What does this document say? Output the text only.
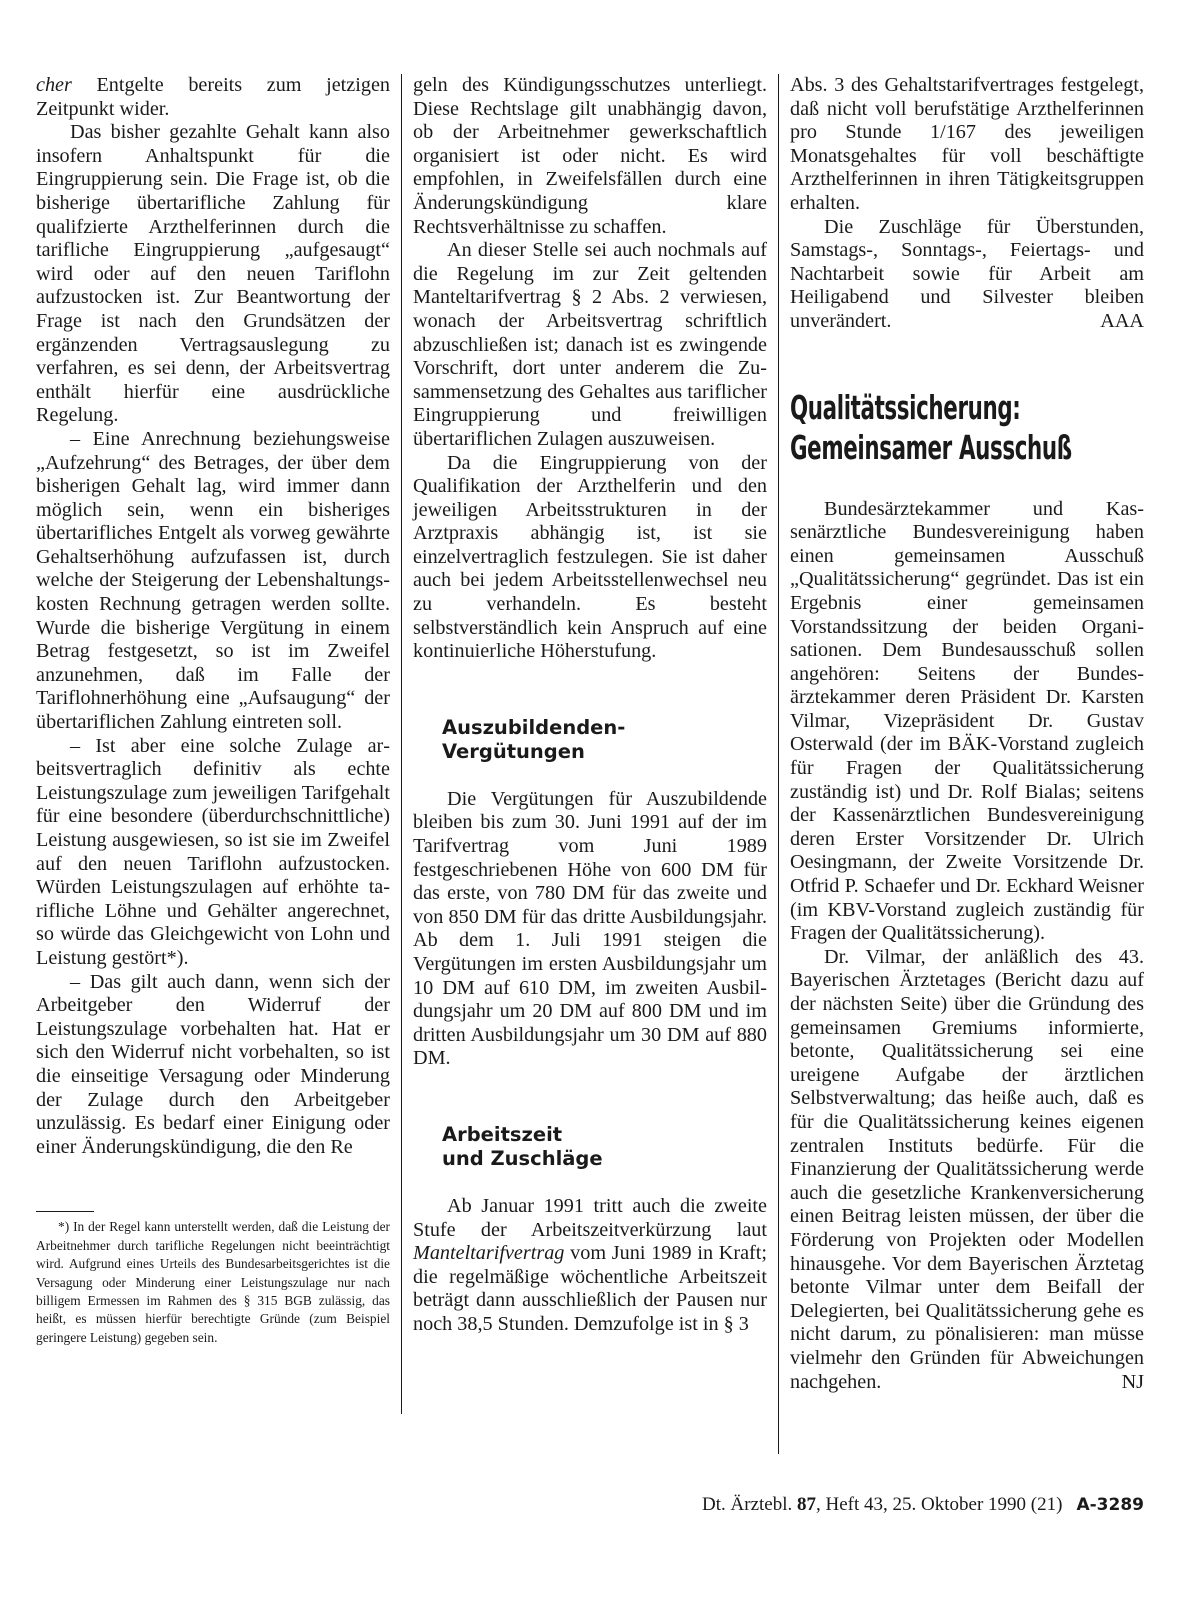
cher Entgelte bereits zum jetzigen Zeitpunkt wider.

Das bisher gezahlte Gehalt kann also insofern Anhaltspunkt für die Eingruppierung sein. Die Frage ist, ob die bisherige übertarifliche Zahlung für qualifzierte Arzthelferinnen durch die tarifliche Eingruppierung „aufgesaugt“ wird oder auf den neuen Tariflohn aufzustocken ist. Zur Beantwortung der Frage ist nach den Grundsätzen der ergänzenden Vertragsauslegung zu verfahren, es sei denn, der Arbeitsvertrag enthält hierfür eine ausdrückliche Regelung.

– Eine Anrechnung beziehungsweise „Aufzehrung“ des Betrages, der über dem bisherigen Gehalt lag, wird immer dann möglich sein, wenn ein bisheriges übertarifliches Entgelt als vorweg gewährte Gehaltserhöhung aufzufassen ist, durch welche der Steigerung der Lebenshaltungskosten Rechnung getragen werden sollte. Wurde die bisherige Vergütung in einem Betrag festgesetzt, so ist im Zweifel anzunehmen, daß im Falle der Tariflohnerhöhung eine „Aufsaugung“ der übertariflichen Zahlung eintreten soll.

– Ist aber eine solche Zulage arbeitsvertraglich definitiv als echte Leistungszulage zum jeweiligen Tarifgehalt für eine besondere (überdurchschnittliche) Leistung ausgewiesen, so ist sie im Zweifel auf den neuen Tariflohn aufzustocken. Würden Leistungszulagen auf erhöhte tarifliche Löhne und Gehälter angerechnet, so würde das Gleichgewicht von Lohn und Leistung gestört*).

– Das gilt auch dann, wenn sich der Arbeitgeber den Widerruf der Leistungszulage vorbehalten hat. Hat er sich den Widerruf nicht vorbehalten, so ist die einseitige Versagung oder Minderung der Zulage durch den Arbeitgeber unzulässig. Es bedarf einer Einigung oder einer Änderungskündigung, die den Re

*) In der Regel kann unterstellt werden, daß die Leistung der Arbeitnehmer durch tarifliche Regelungen nicht beeinträchtigt wird. Aufgrund eines Urteils des Bundesarbeitsgerichtes ist die Versagung oder Minderung einer Leistungszulage nur nach billigem Ermessen im Rahmen des § 315 BGB zulässig, das heißt, es müssen hierfür berechtigte Gründe (zum Beispiel geringere Leistung) gegeben sein.

geln des Kündigungsschutzes unterliegt. Diese Rechtslage gilt unabhängig davon, ob der Arbeitnehmer gewerkschaftlich organisiert ist oder nicht. Es wird empfohlen, in Zweifelsfällen durch eine Änderungskündigung klare Rechtsverhältnisse zu schaffen.

An dieser Stelle sei auch nochmals auf die Regelung im zur Zeit geltenden Manteltarifvertrag § 2 Abs. 2 verwiesen, wonach der Arbeitsvertrag schriftlich abzuschließen ist; danach ist es zwingende Vorschrift, dort unter anderem die Zusammensetzung des Gehaltes aus tariflicher Eingruppierung und freiwilligen übertariflichen Zulagen auszuweisen.

Da die Eingruppierung von der Qualifikation der Arzthelferin und den jeweiligen Arbeitsstrukturen in der Arztpraxis abhängig ist, ist sie einzelvertraglich festzulegen. Sie ist daher auch bei jedem Arbeitsstellenwechsel neu zu verhandeln. Es besteht selbstverständlich kein Anspruch auf eine kontinuierliche Höherstufung.

Auszubildenden-
Vergütungen

Die Vergütungen für Auszubildende bleiben bis zum 30. Juni 1991 auf der im Tarifvertrag vom Juni 1989 festgeschriebenen Höhe von 600 DM für das erste, von 780 DM für das zweite und von 850 DM für das dritte Ausbildungsjahr. Ab dem 1. Juli 1991 steigen die Vergütungen im ersten Ausbildungsjahr um 10 DM auf 610 DM, im zweiten Ausbildungsjahr um 20 DM auf 800 DM und im dritten Ausbildungsjahr um 30 DM auf 880 DM.

Arbeitszeit
und Zuschläge

Ab Januar 1991 tritt auch die zweite Stufe der Arbeitszeitverkürzung laut Manteltarifvertrag vom Juni 1989 in Kraft; die regelmäßige wöchentliche Arbeitszeit beträgt dann ausschließlich der Pausen nur noch 38,5 Stunden. Demzufolge ist in § 3

Abs. 3 des Gehaltstarifvertrages festgelegt, daß nicht voll berufstätige Arzthelferinnen pro Stunde 1/167 des jeweiligen Monatsgehaltes für voll beschäftigte Arzthelferinnen in ihren Tätigkeitsgruppen erhalten.

Die Zuschläge für Überstunden, Samstags-, Sonntags-, Feiertags- und Nachtarbeit sowie für Arbeit am Heiligabend und Silvester bleiben unverändert.	AAA

Qualitätssicherung:
Gemeinsamer Ausschuß

Bundesärztekammer und Kassenärztliche Bundesvereinigung haben einen gemeinsamen Ausschuß „Qualitätssicherung“ gegründet. Das ist ein Ergebnis einer gemeinsamen Vorstandssitzung der beiden Organisationen. Dem Bundesausschuß sollen angehören: Seitens der Bundesärztekammer deren Präsident Dr. Karsten Vilmar, Vizepräsident Dr. Gustav Osterwald (der im BÄK-Vorstand zugleich für Fragen der Qualitätssicherung zuständig ist) und Dr. Rolf Bialas; seitens der Kassenärztlichen Bundesvereinigung deren Erster Vorsitzender Dr. Ulrich Oesingmann, der Zweite Vorsitzende Dr. Otfrid P. Schaefer und Dr. Eckhard Weisner (im KBV-Vorstand zugleich zuständig für Fragen der Qualitätssicherung).

Dr. Vilmar, der anläßlich des 43. Bayerischen Ärztetages (Bericht dazu auf der nächsten Seite) über die Gründung des gemeinsamen Gremiums informierte, betonte, Qualitätssicherung sei eine ureigene Aufgabe der ärztlichen Selbstverwaltung; das heiße auch, daß es für die Qualitätssicherung keines eigenen zentralen Instituts bedürfe. Für die Finanzierung der Qualitätssicherung werde auch die gesetzliche Krankenversicherung einen Beitrag leisten müssen, der über die Förderung von Projekten oder Modellen hinausgehe. Vor dem Bayerischen Ärztetag betonte Vilmar unter dem Beifall der Delegierten, bei Qualitätssicherung gehe es nicht darum, zu pönalisieren: man müsse vielmehr den Gründen für Abweichungen nachgehen.	NJ

Dt. Ärztebl. 87, Heft 43, 25. Oktober 1990 (21) A-3289
